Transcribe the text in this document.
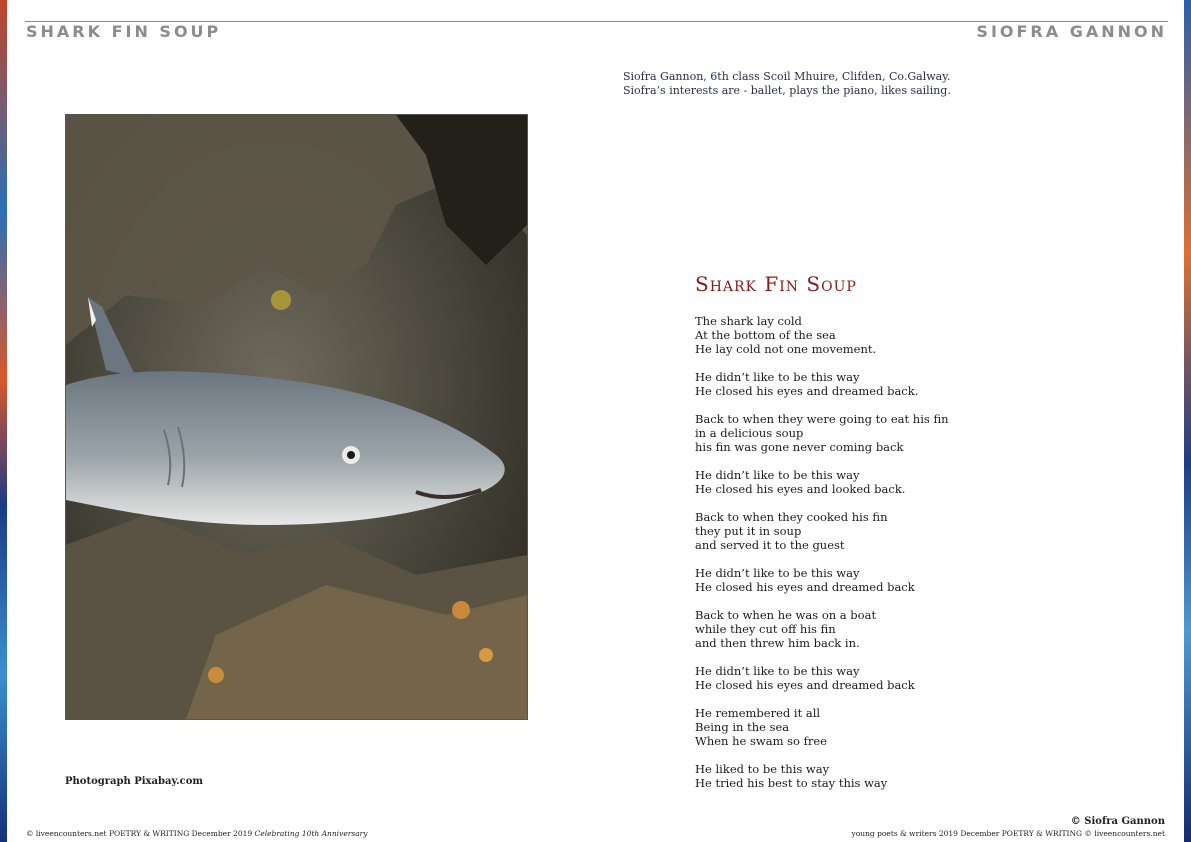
SHARK FIN SOUP	SIOFRA GANNON
Siofra Gannon, 6th class Scoil Mhuire, Clifden, Co.Galway.
Siofra’s interests are - ballet, plays the piano, likes sailing.
Photograph Pixabay.com
Shark Fin Soup
The shark lay cold
At the bottom of the sea
He lay cold not one movement.
He didn’t like to be this way
He closed his eyes and dreamed back.
Back to when they were going to eat his fin
in a delicious soup
his fin was gone never coming back
He didn’t like to be this way
He closed his eyes and looked back.
Back to when they cooked his fin
they put it in soup
and served it to the guest
He didn’t like to be this way
He closed his eyes and dreamed back
Back to when he was on a boat
while they cut off his fin
and then threw him back in.
He didn’t like to be this way
He closed his eyes and dreamed back
He remembered it all
Being in the sea
When he swam so free
He liked to be this way
He tried his best to stay this way
© Siofra Gannon
© liveencounters.net POETRY & WRITING December 2019 Celebrating 10th Anniversary	young poets & writers 2019 December POETRY & WRITING © liveencounters.net
